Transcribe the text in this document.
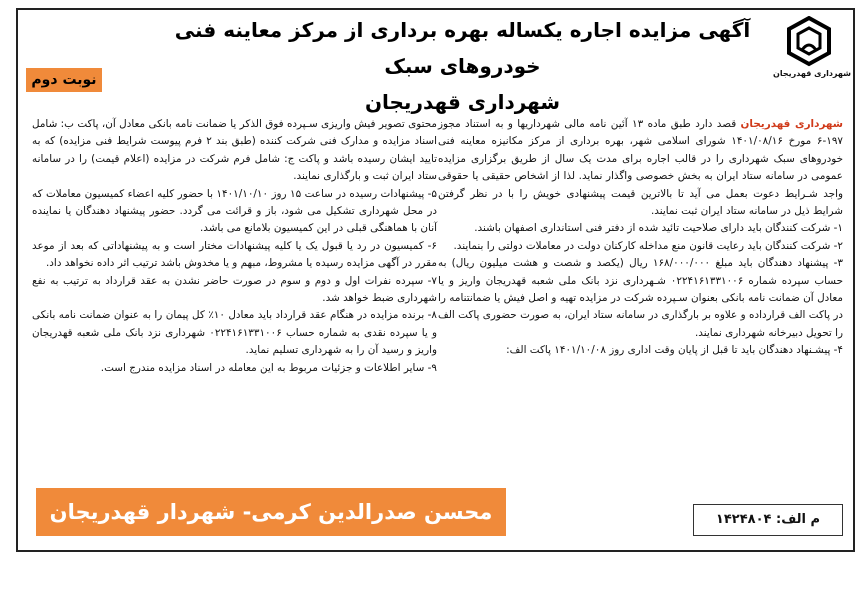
شهرداری قهدریجان
آگهی مزایده اجاره یکساله بهره برداری از مرکز معاینه فنی خودروهای سبک
شهرداری قهدریجان
نوبت دوم

شهرداری قهدریجان قصد دارد طبق ماده ۱۳ آئین نامه مالی شهرداریها و به استناد مجوز ۱۹۷-۶ مورخ ۱۴۰۱/۰۸/۱۶ شورای اسلامی شهر، بهره برداری از مرکز مکانیزه معاینه فنی خودروهای سبک شهرداری را در قالب اجاره برای مدت یک سال از طریق برگزاری مزایده عمومی در سامانه ستاد ایران به بخش خصوصی واگذار نماید. لذا از اشخاص حقیقی یا حقوقی واجد شـرایط دعوت بعمل می آید تا بالاترین قیمت پیشنهادی خویش را با در نظر گرفتن شرایط ذیل در سامانه ستاد ایران ثبت نمایند.

۱- شرکت کنندگان باید دارای صلاحیت تائید شده از دفتر فنی استانداری اصفهان باشند.

۲- شرکت کنندگان باید رعایت قانون منع مداخله کارکنان دولت در معاملات دولتی را بنمایند.

۳- پیشنهاد دهندگان باید مبلغ ۱۶۸/۰۰۰/۰۰۰ ریال (یکصد و شصت و هشت میلیون ریال) به حساب سپرده شماره ۰۲۲۴۱۶۱۳۳۱۰۰۶ شـهرداری نزد بانک ملی شعبه قهدریجان واریز و یا معادل آن ضمانت نامه بانکی بعنوان سـپرده شرکت در مزایده تهیه و اصل فیش یا ضمانتنامه را در پاکت الف قرارداده و علاوه بر بارگذاری در سامانه ستاد ایران، به صورت حضوری پاکت الف را تحویل دبیرخانه شهرداری نمایند.

۴- پیشـنهاد دهندگان باید تا قبل از پایان وقت اداری روز ۱۴۰۱/۱۰/۰۸ پاکت الف:

محتوی تصویر فیش واریزی سـپرده فوق الذکر یا ضمانت نامه بانکی معادل آن، پاکت ب: شامل اسناد مزایده و مدارک فنی شرکت کننده (طبق بند ۲ فرم پیوست شرایط فنی مزایده) که به تایید ایشان رسیده باشد و پاکت ج: شامل فرم شرکت در مزایده (اعلام قیمت) را در سامانه ستاد ایران ثبت و بارگذاری نمایند.

۵- پیشنهادات رسیده در ساعت ۱۵ روز ۱۴۰۱/۱۰/۱۰ با حضور کلیه اعضاء کمیسیون معاملات که در محل شهرداری تشکیل می شود، باز و قرائت می گردد. حضور پیشنهاد دهندگان یا نماینده آنان با هماهنگی قبلی در این کمیسیون بلامانع می باشد.

۶- کمیسیون در رد یا قبول یک یا کلیه پیشنهادات مختار است و به پیشنهاداتی که بعد از موعد مقرر در آگهی مزایده رسیده یا مشروط، مبهم و یا مخدوش باشد ترتیب اثر داده نخواهد داد.

۷- سپرده نفرات اول و دوم و سوم در صورت حاضر نشدن به عقد قرارداد به ترتیب به نفع شهرداری ضبط خواهد شد.

۸- برنده مزایده در هنگام عقد قرارداد باید معادل ۱۰٪ کل پیمان را به عنوان ضمانت نامه بانکی و یا سپرده نقدی به شماره حساب ۰۲۲۴۱۶۱۳۳۱۰۰۶ شهرداری نزد بانک ملی شعبه قهدریجان واریز و رسید آن را به شهرداری تسلیم نماید.

۹- سایر اطلاعات و جزئیات مربوط به این معامله در اسناد مزایده مندرج است.

محسن صدرالدین کرمی- شهردار قهدریجان	م الف: ۱۴۲۴۸۰۴
